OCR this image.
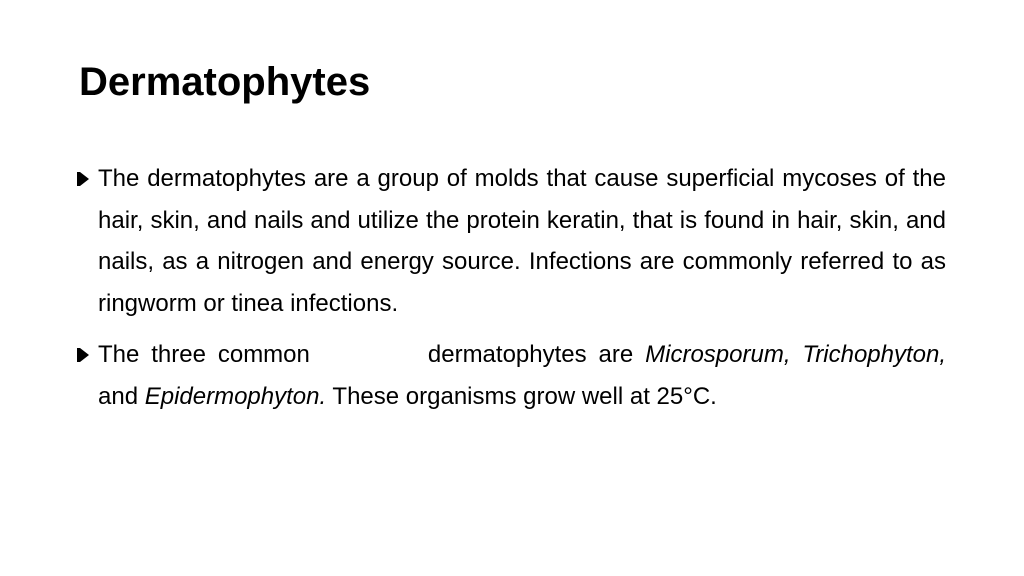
Dermatophytes
The dermatophytes are a group of molds that cause superficial mycoses of the hair, skin, and nails and utilize the protein keratin, that is found in hair, skin, and nails, as a nitrogen and energy source. Infections are commonly referred to as ringworm or tinea infections.
The three common	dermatophytes are Microsporum, Trichophyton, and Epidermophyton. These organisms grow well at 25°C.
